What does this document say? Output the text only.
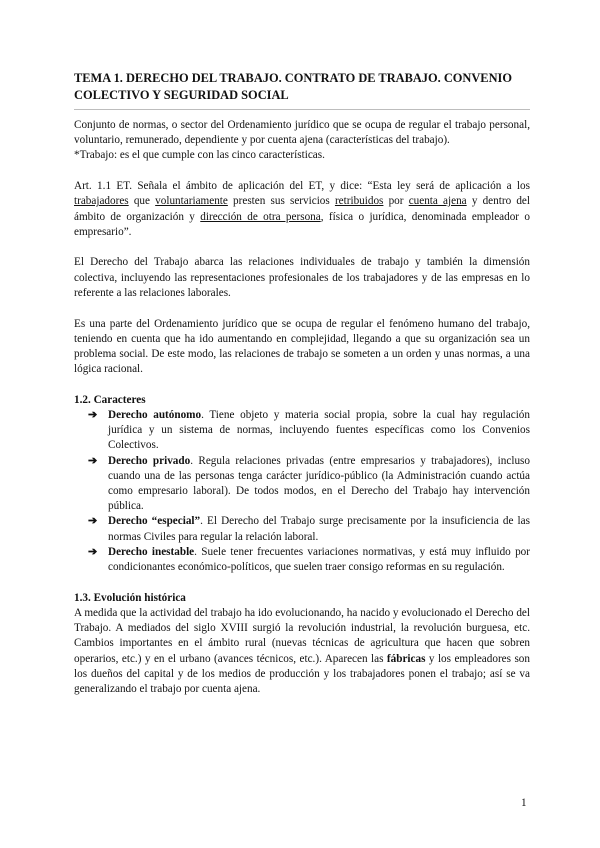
TEMA 1. DERECHO DEL TRABAJO. CONTRATO DE TRABAJO. CONVENIO COLECTIVO Y SEGURIDAD SOCIAL

Conjunto de normas, o sector del Ordenamiento jurídico que se ocupa de regular el trabajo personal, voluntario, remunerado, dependiente y por cuenta ajena (características del trabajo).

*Trabajo: es el que cumple con las cinco características.

Art. 1.1 ET. Señala el ámbito de aplicación del ET, y dice: “Esta ley será de aplicación a los trabajadores que voluntariamente presten sus servicios retribuidos por cuenta ajena y dentro del ámbito de organización y dirección de otra persona, física o jurídica, denominada empleador o empresario”.

El Derecho del Trabajo abarca las relaciones individuales de trabajo y también la dimensión colectiva, incluyendo las representaciones profesionales de los trabajadores y de las empresas en lo referente a las relaciones laborales.

Es una parte del Ordenamiento jurídico que se ocupa de regular el fenómeno humano del trabajo, teniendo en cuenta que ha ido aumentando en complejidad, llegando a que su organización sea un problema social. De este modo, las relaciones de trabajo se someten a un orden y unas normas, a una lógica racional.

1.2. Caracteres
➔ Derecho autónomo. Tiene objeto y materia social propia, sobre la cual hay regulación jurídica y un sistema de normas, incluyendo fuentes específicas como los Convenios Colectivos.
➔ Derecho privado. Regula relaciones privadas (entre empresarios y trabajadores), incluso cuando una de las personas tenga carácter jurídico-público (la Administración cuando actúa como empresario laboral). De todos modos, en el Derecho del Trabajo hay intervención pública.
➔ Derecho “especial”. El Derecho del Trabajo surge precisamente por la insuficiencia de las normas Civiles para regular la relación laboral.
➔ Derecho inestable. Suele tener frecuentes variaciones normativas, y está muy influido por condicionantes económico-políticos, que suelen traer consigo reformas en su regulación.
1.3. Evolución histórica

A medida que la actividad del trabajo ha ido evolucionando, ha nacido y evolucionado el Derecho del Trabajo. A mediados del siglo XVIII surgió la revolución industrial, la revolución burguesa, etc. Cambios importantes en el ámbito rural (nuevas técnicas de agricultura que hacen que sobren operarios, etc.) y en el urbano (avances técnicos, etc.). Aparecen las fábricas y los empleadores son los dueños del capital y de los medios de producción y los trabajadores ponen el trabajo; así se va generalizando el trabajo por cuenta ajena.

1
